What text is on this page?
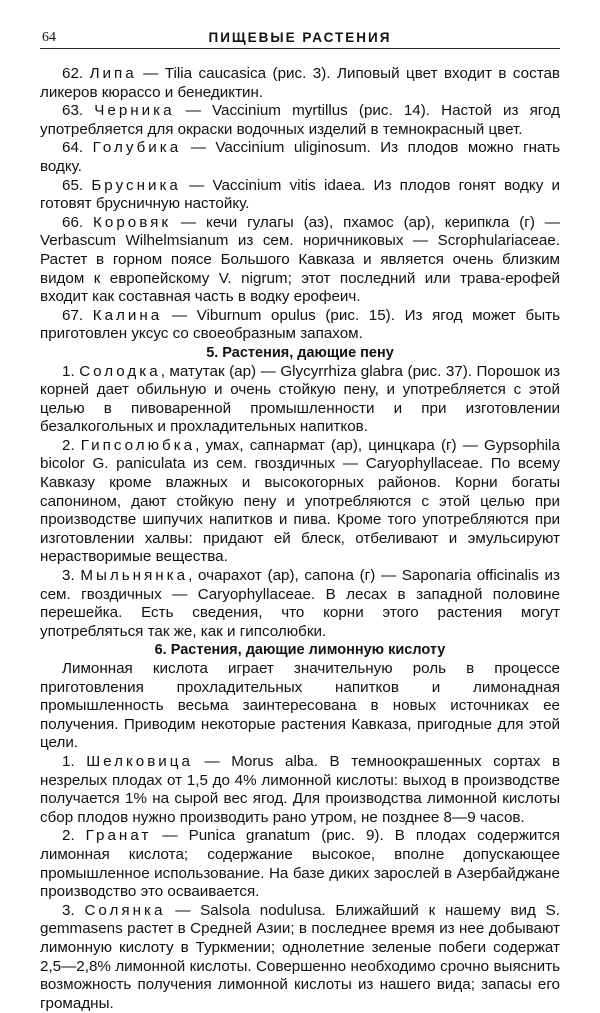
64	ПИЩЕВЫЕ РАСТЕНИЯ

62. Липа — Tilia caucasica (рис. 3). Липовый цвет входит в состав ликеров кюрассо и бенедиктин.

63. Черника — Vaccinium myrtillus (рис. 14). Настой из ягод употребляется для окраски водочных изделий в темнокрасный цвет.

64. Голубика — Vaccinium uliginosum. Из плодов можно гнать водку.

65. Брусника — Vaccinium vitis idaea. Из плодов гонят водку и готовят брусничную настойку.

66. Коровяк — кечи гулагы (аз), пхамос (ар), керипкла (г) — Verbascum Wilhelmsianum из сем. норичниковых — Scrophulariaceae. Растет в горном поясе Большого Кавказа и является очень близким видом к европейскому V. nigrum; этот последний или трава-ерофей входит как составная часть в водку ерофеич.

67. Калина — Viburnum opulus (рис. 15). Из ягод может быть приготовлен уксус со своеобразным запахом.

5. Растения, дающие пену

1. Солодка, матутак (ар) — Glycyrrhiza glabra (рис. 37). Порошок из корней дает обильную и очень стойкую пену, и употребляется с этой целью в пивоваренной промышленности и при изготовлении безалкогольных и прохладительных напитков.

2. Гипсолюбка, умах, сапнармат (ар), цинцкара (г) — Gypsophila bicolor G. paniculata из сем. гвоздичных — Caryophyllaceae. По всему Кавказу кроме влажных и высокогорных районов. Корни богаты сапонином, дают стойкую пену и употребляются с этой целью при производстве шипучих напитков и пива. Кроме того употребляются при изготовлении халвы: придают ей блеск, отбеливают и эмульсируют нерастворимые вещества.

3. Мыльнянка, очарахот (ар), сапона (г) — Saponaria officinalis из сем. гвоздичных — Caryophyllaceae. В лесах в западной половине перешейка. Есть сведения, что корни этого растения могут употребляться так же, как и гипсолюбки.

6. Растения, дающие лимонную кислоту

Лимонная кислота играет значительную роль в процессе приготовления прохладительных напитков и лимонадная промышленность весьма заинтересована в новых источниках ее получения. Приводим некоторые растения Кавказа, пригодные для этой цели.

1. Шелковица — Morus alba. В темноокрашенных сортах в незрелых плодах от 1,5 до 4% лимонной кислоты: выход в производстве получается 1% на сырой вес ягод. Для производства лимонной кислоты сбор плодов нужно производить рано утром, не позднее 8—9 часов.

2. Гранат — Punica granatum (рис. 9). В плодах содержится лимонная кислота; содержание высокое, вполне допускающее промышленное использование. На базе диких зарослей в Азербайджане производство это осваивается.

3. Солянка — Salsola nodulusa. Ближайший к нашему вид S. gemmasens растет в Средней Азии; в последнее время из нее добывают лимонную кислоту в Туркмении; однолетние зеленые побеги содержат 2,5—2,8% лимонной кислоты. Совершенно необходимо срочно выяснить возможность получения лимонной кислоты из нашего вида; запасы его громадны.
